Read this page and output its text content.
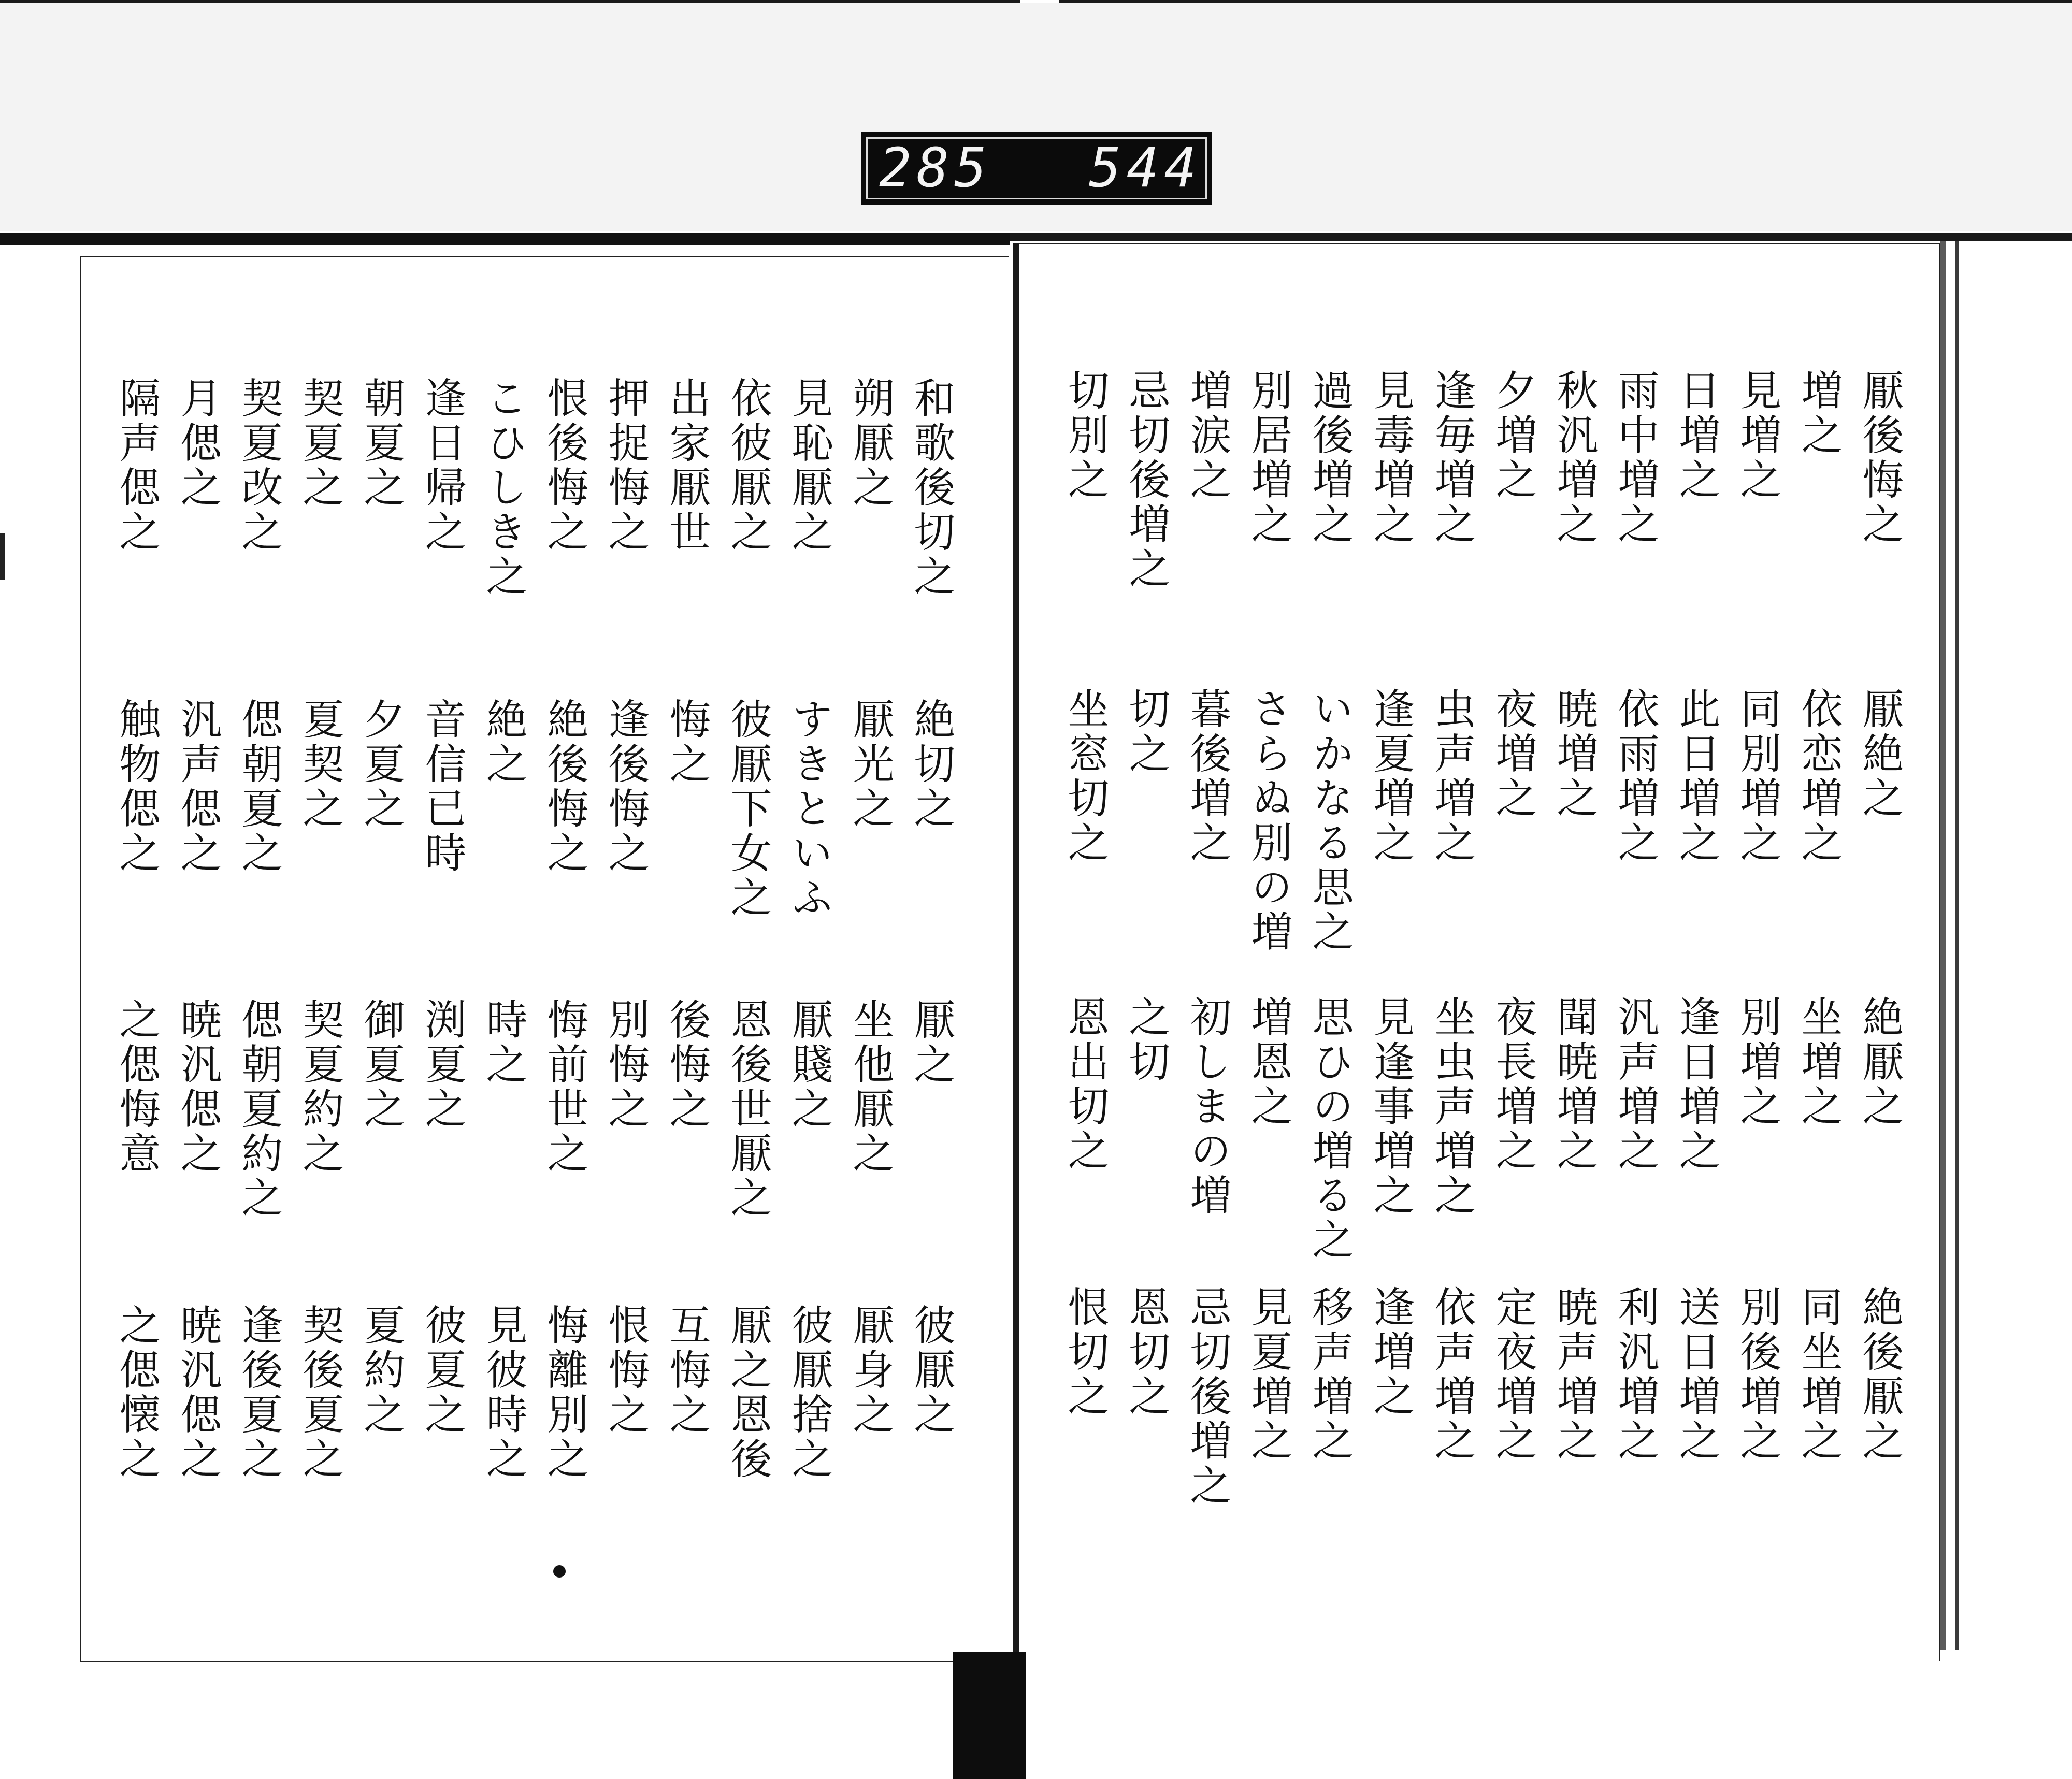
285 544
和歌後切之
朔厭之
見恥厭之
依彼厭之
出家厭世
押捉悔之
恨後悔之
こひしき之
逢日帰之
朝夏之
契夏之
契夏改之
月偲之
隔声偲之
絶切之
厭光之
すきといふ
彼厭下女之
悔之
逢後悔之
絶後悔之
絶之
音信已時
夕夏之
夏契之
偲朝夏之
汎声偲之
触物偲之
厭之
坐他厭之
厭賤之
恩後世厭之
後悔之
別悔之
悔前世之
時之
渕夏之
御夏之
契夏約之
偲朝夏約之
暁汎偲之
之偲悔意
彼厭之
厭身之
彼厭捨之
厭之恩後
互悔之
恨悔之
悔離別之
見彼時之
彼夏之
夏約之
契後夏之
逢後夏之
暁汎偲之
之偲懐之
厭後悔之
増之
見増之
日増之
雨中増之
秋汎増之
夕増之
逢毎増之
見毒増之
過後増之
別居増之
増涙之
忌切後増之
切別之
厭絶之
依恋増之
同別増之
此日増之
依雨増之
暁増之
夜増之
虫声増之
逢夏増之
いかなる思之
さらぬ別の増
暮後増之
切之
坐窓切之
絶厭之
坐増之
別増之
逢日増之
汎声増之
聞暁増之
夜長増之
坐虫声増之
見逢事増之
思ひの増る之
増恩之
初しまの増
之切
恩出切之
絶後厭之
同坐増之
別後増之
送日増之
利汎増之
暁声増之
定夜増之
依声増之
逢増之
移声増之
見夏増之
忌切後増之
恩切之
恨切之
